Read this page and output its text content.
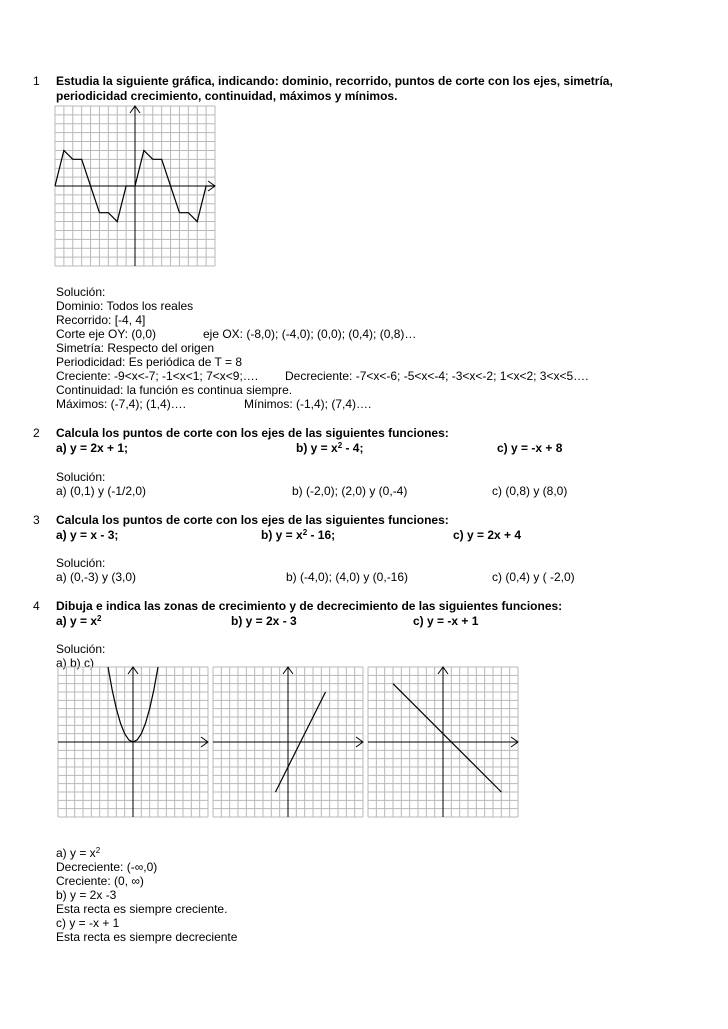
1 Estudia la siguiente gráfica, indicando: dominio, recorrido, puntos de corte con los ejes, simetría,
periodicidad crecimiento, continuidad, máximos y mínimos.
Solución:
Dominio: Todos los reales
Recorrido: [-4, 4]
Corte eje OY: (0,0)	eje OX: (-8,0); (-4,0); (0,0); (0,4); (0,8)…
Simetría: Respecto del origen
Periodicidad: Es periódica de T = 8
Creciente: -9<x<-7; -1<x<1; 7<x<9;…. Decreciente: -7<x<-6; -5<x<-4; -3<x<-2; 1<x<2; 3<x<5….
Continuidad: la función es continua siempre.
Máximos: (-7,4); (1,4)….	Mínimos: (-1,4); (7,4)….
2 Calcula los puntos de corte con los ejes de las siguientes funciones:
a) y = 2x + 1;	b) $y = x^2 - 4$;	c) y = -x + 8
Solución:
a) (0,1) y (-1/2,0)	b) (-2,0); (2,0) y (0,-4)	c) (0,8) y (8,0)
3 Calcula los puntos de corte con los ejes de las siguientes funciones:
a) y = x - 3;	b) $y = x^2 - 16$;	c) y = 2x + 4
Solución:
a) (0,-3) y (3,0)	b) (-4,0); (4,0) y (0,-16)	c) (0,4) y ( -2,0)
4 Dibuja e indica las zonas de crecimiento y de decrecimiento de las siguientes funciones:
a) $y = x^2$	b) y = 2x - 3	c) y = -x + 1
Solución:
a) b) c)
a) $y = x^2$
Decreciente: (-∞,0)
Creciente: (0, ∞)
b) y = 2x -3
Esta recta es siempre creciente.
c) y = -x + 1
Esta recta es siempre decreciente
